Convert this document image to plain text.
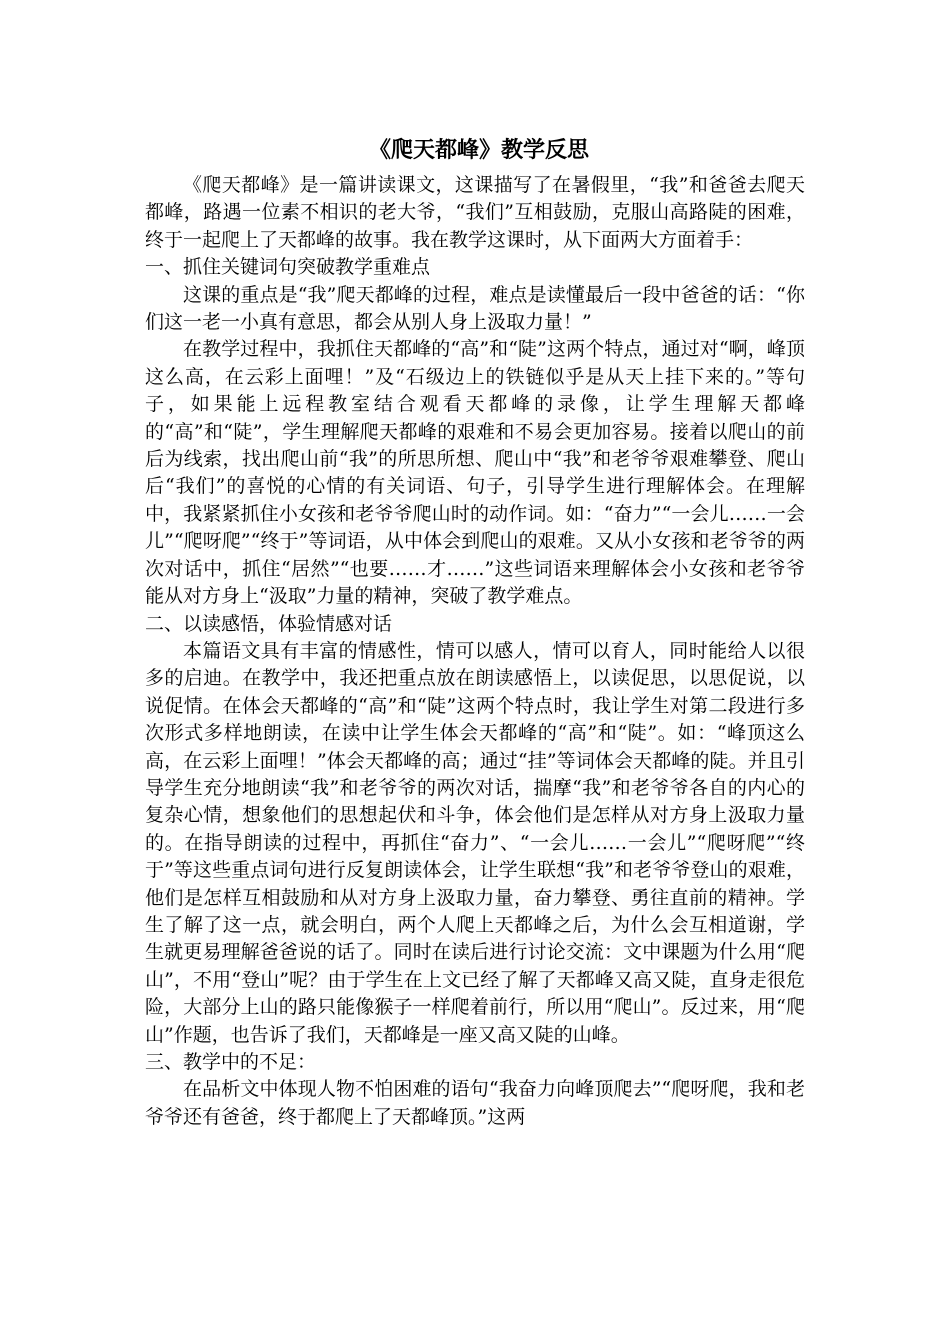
《爬天都峰》教学反思

《爬天都峰》是一篇讲读课文，这课描写了在暑假里，“我”和爸爸去爬天都峰，路遇一位素不相识的老大爷，“我们”互相鼓励，克服山高路陡的困难，终于一起爬上了天都峰的故事。我在教学这课时，从下面两大方面着手：

一、抓住关键词句突破教学重难点

这课的重点是“我”爬天都峰的过程，难点是读懂最后一段中爸爸的话：“你们这一老一小真有意思，都会从别人身上汲取力量！”

在教学过程中，我抓住天都峰的“高”和“陡”这两个特点，通过对“啊，峰顶这么高，在云彩上面哩！”及“石级边上的铁链似乎是从天上挂下来的。”等句子，如果能上远程教室结合观看天都峰的录像，让学生理解天都峰的“高”和“陡”，学生理解爬天都峰的艰难和不易会更加容易。接着以爬山的前后为线索，找出爬山前“我”的所思所想、爬山中“我”和老爷爷艰难攀登、爬山后“我们”的喜悦的心情的有关词语、句子，引导学生进行理解体会。在理解中，我紧紧抓住小女孩和老爷爷爬山时的动作词。如：“奋力”“一会儿……一会儿”“爬呀爬”“终于”等词语，从中体会到爬山的艰难。又从小女孩和老爷爷的两次对话中，抓住“居然”“也要……才……”这些词语来理解体会小女孩和老爷爷能从对方身上“汲取”力量的精神，突破了教学难点。

二、以读感悟，体验情感对话

本篇语文具有丰富的情感性，情可以感人，情可以育人，同时能给人以很多的启迪。在教学中，我还把重点放在朗读感悟上，以读促思，以思促说，以说促情。在体会天都峰的“高”和“陡”这两个特点时，我让学生对第二段进行多次形式多样地朗读，在读中让学生体会天都峰的“高”和“陡”。如：“峰顶这么高，在云彩上面哩！”体会天都峰的高；通过“挂”等词体会天都峰的陡。并且引导学生充分地朗读“我”和老爷爷的两次对话，揣摩“我”和老爷爷各自的内心的复杂心情，想象他们的思想起伏和斗争，体会他们是怎样从对方身上汲取力量的。在指导朗读的过程中，再抓住“奋力”、“一会儿……一会儿”“爬呀爬”“终于”等这些重点词句进行反复朗读体会，让学生联想“我”和老爷爷登山的艰难，他们是怎样互相鼓励和从对方身上汲取力量，奋力攀登、勇往直前的精神。学生了解了这一点，就会明白，两个人爬上天都峰之后，为什么会互相道谢，学生就更易理解爸爸说的话了。同时在读后进行讨论交流：文中课题为什么用“爬山”，不用“登山”呢？由于学生在上文已经了解了天都峰又高又陡，直身走很危险，大部分上山的路只能像猴子一样爬着前行，所以用“爬山”。反过来，用“爬山”作题，也告诉了我们，天都峰是一座又高又陡的山峰。

三、教学中的不足：

在品析文中体现人物不怕困难的语句“我奋力向峰顶爬去”“爬呀爬，我和老爷爷还有爸爸，终于都爬上了天都峰顶。”这两
